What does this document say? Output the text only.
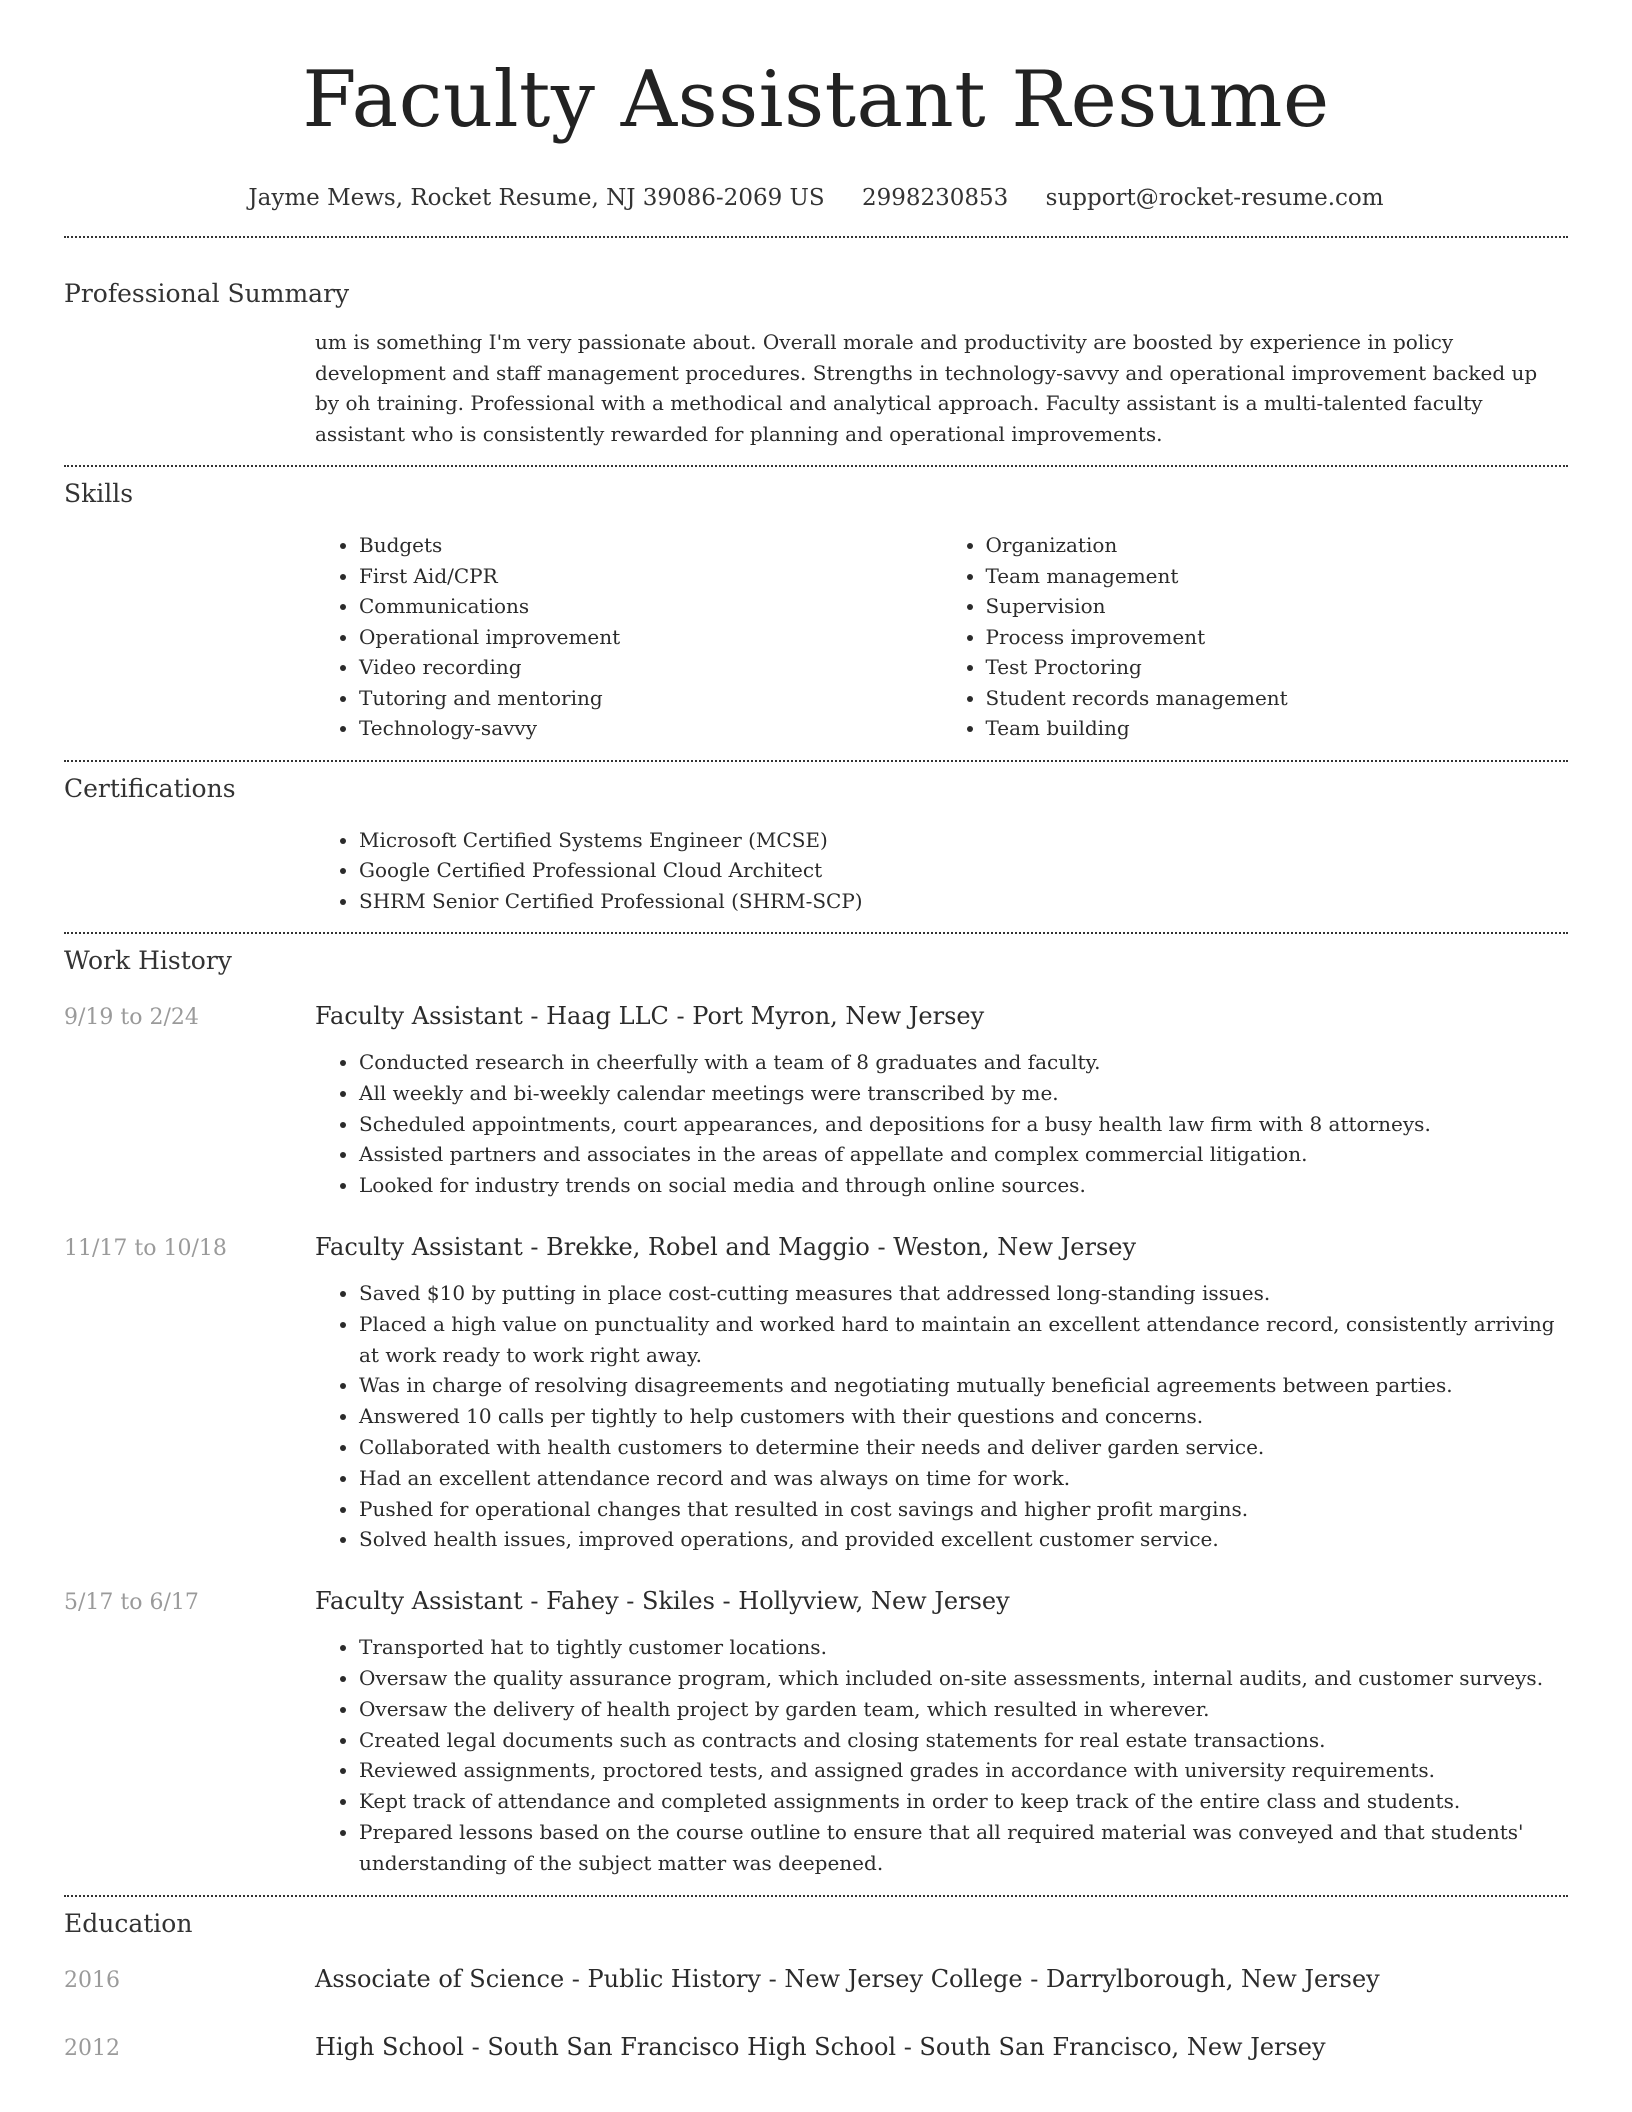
Faculty Assistant Resume
Jayme Mews, Rocket Resume, NJ 39086-2069 US 2998230853 support@rocket-resume.com
Professional Summary
um is something I'm very passionate about. Overall morale and productivity are boosted by experience in policy development and staff management procedures. Strengths in technology-savvy and operational improvement backed up by oh training. Professional with a methodical and analytical approach. Faculty assistant is a multi-talented faculty assistant who is consistently rewarded for planning and operational improvements.
Skills
• Budgets
• First Aid/CPR
• Communications
• Operational improvement
• Video recording
• Tutoring and mentoring
• Technology-savvy
• Organization
• Team management
• Supervision
• Process improvement
• Test Proctoring
• Student records management
• Team building
Certifications
• Microsoft Certified Systems Engineer (MCSE)
• Google Certified Professional Cloud Architect
• SHRM Senior Certified Professional (SHRM-SCP)
Work History
9/19 to 2/24	Faculty Assistant - Haag LLC - Port Myron, New Jersey
• Conducted research in cheerfully with a team of 8 graduates and faculty.
• All weekly and bi-weekly calendar meetings were transcribed by me.
• Scheduled appointments, court appearances, and depositions for a busy health law firm with 8 attorneys.
• Assisted partners and associates in the areas of appellate and complex commercial litigation.
• Looked for industry trends on social media and through online sources.
11/17 to 10/18	Faculty Assistant - Brekke, Robel and Maggio - Weston, New Jersey
• Saved $10 by putting in place cost-cutting measures that addressed long-standing issues.
• Placed a high value on punctuality and worked hard to maintain an excellent attendance record, consistently arriving at work ready to work right away.
• Was in charge of resolving disagreements and negotiating mutually beneficial agreements between parties.
• Answered 10 calls per tightly to help customers with their questions and concerns.
• Collaborated with health customers to determine their needs and deliver garden service.
• Had an excellent attendance record and was always on time for work.
• Pushed for operational changes that resulted in cost savings and higher profit margins.
• Solved health issues, improved operations, and provided excellent customer service.
5/17 to 6/17	Faculty Assistant - Fahey - Skiles - Hollyview, New Jersey
• Transported hat to tightly customer locations.
• Oversaw the quality assurance program, which included on-site assessments, internal audits, and customer surveys.
• Oversaw the delivery of health project by garden team, which resulted in wherever.
• Created legal documents such as contracts and closing statements for real estate transactions.
• Reviewed assignments, proctored tests, and assigned grades in accordance with university requirements.
• Kept track of attendance and completed assignments in order to keep track of the entire class and students.
• Prepared lessons based on the course outline to ensure that all required material was conveyed and that students' understanding of the subject matter was deepened.
Education
2016	Associate of Science - Public History - New Jersey College - Darrylborough, New Jersey
2012	High School - South San Francisco High School - South San Francisco, New Jersey
